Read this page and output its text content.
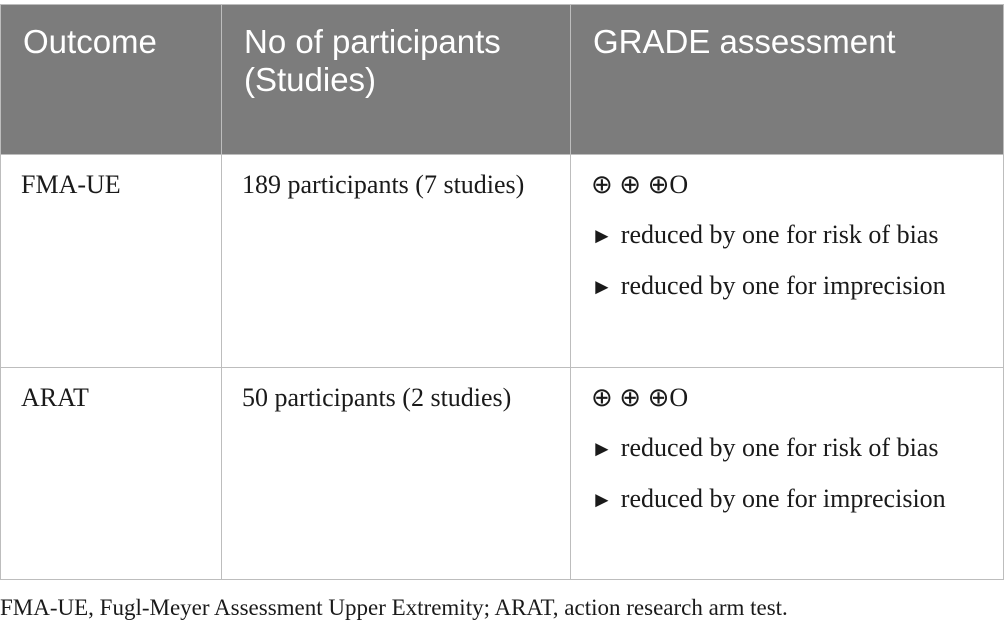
Outcome	No of participants (Studies)	GRADE assessment
FMA-UE	189 participants (7 studies)	⊕ ⊕ ⊕O
► reduced by one for risk of bias
► reduced by one for imprecision

ARAT	50 participants (2 studies)	⊕ ⊕ ⊕O
► reduced by one for risk of bias
► reduced by one for imprecision
FMA-UE, Fugl-Meyer Assessment Upper Extremity; ARAT, action research arm test.
